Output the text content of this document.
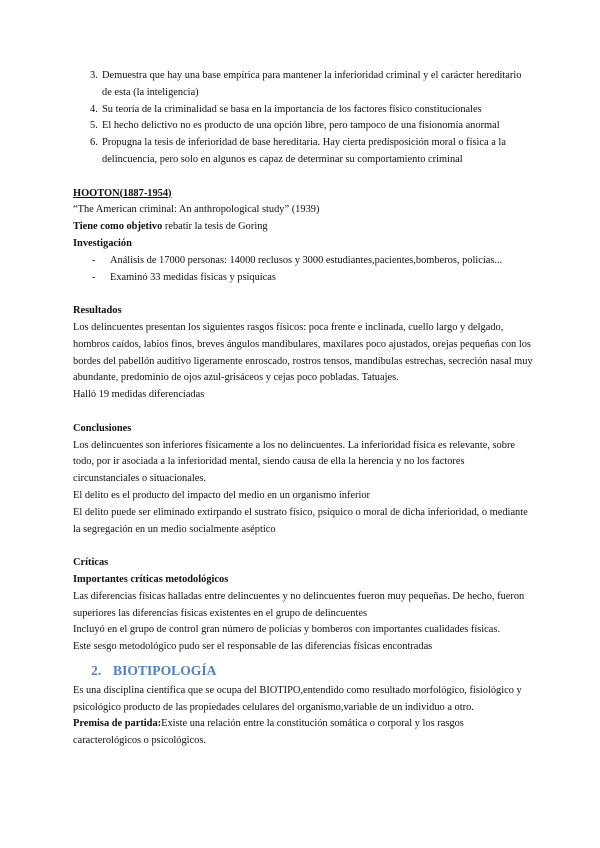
3. Demuestra que hay una base empírica para mantener la inferioridad criminal y el carácter hereditario de esta (la inteligencia)
4. Su teoría de la criminalidad se basa en la importancia de los factores físico constitucionales
5. El hecho delictivo no es producto de una opción libre, pero tampoco de una fisionomía anormal
6. Propugna la tesis de inferioridad de base hereditaria. Hay cierta predisposición moral o física a la delincuencia, pero solo en algunos es capaz de determinar su comportamiento criminal

HOOTON(1887-1954)

“The American criminal: An anthropological study” (1939)

Tiene como objetivo rebatir la tesis de Goring

Investigación

- Análisis de 17000 personas: 14000 reclusos y 3000 estudiantes,pacientes,bomberos, policías...
- Examinó 33 medidas físicas y psíquicas

Resultados

Los delincuentes presentan los siguientes rasgos físicos: poca frente e inclinada, cuello largo y delgado, hombros caídos, labios finos, breves ángulos mandibulares, maxilares poco ajustados, orejas pequeñas con los bordes del pabellón auditivo ligeramente enroscado, rostros tensos, mandíbulas estrechas, secreción nasal muy abundante, predominio de ojos azul-grisáceos y cejas poco pobladas. Tatuajes.

Halló 19 medidas diferenciadas

Conclusiones

Los delincuentes son inferiores físicamente a los no delincuentes. La inferioridad física es relevante, sobre todo, por ir asociada a la inferioridad mental, siendo causa de ella la herencia y no los factores circunstanciales o situacionales.

El delito es el producto del impacto del medio en un organismo inferior

El delito puede ser eliminado extirpando el sustrato físico, psíquico o moral de dicha inferioridad, o mediante la segregación en un medio socialmente aséptico

Críticas

Importantes críticas metodológicos

Las diferencias físicas halladas entre delincuentes y no delincuentes fueron muy pequeñas. De hecho, fueron superiores las diferencias físicas existentes en el grupo de delincuentes

Incluyó en el grupo de control gran número de policías y bomberos con importantes cualidades físicas.

Este sesgo metodológico pudo ser el responsable de las diferencias físicas encontradas

2. BIOTIPOLOGÍA

Es una disciplina científica que se ocupa del BIOTIPO,entendido como resultado morfológico, fisiológico y psicológico producto de las propiedades celulares del organismo,variable de un individuo a otro.

Premisa de partida:Existe una relación entre la constitución somática o corporal y los rasgos caracterológicos o psicológicos.
